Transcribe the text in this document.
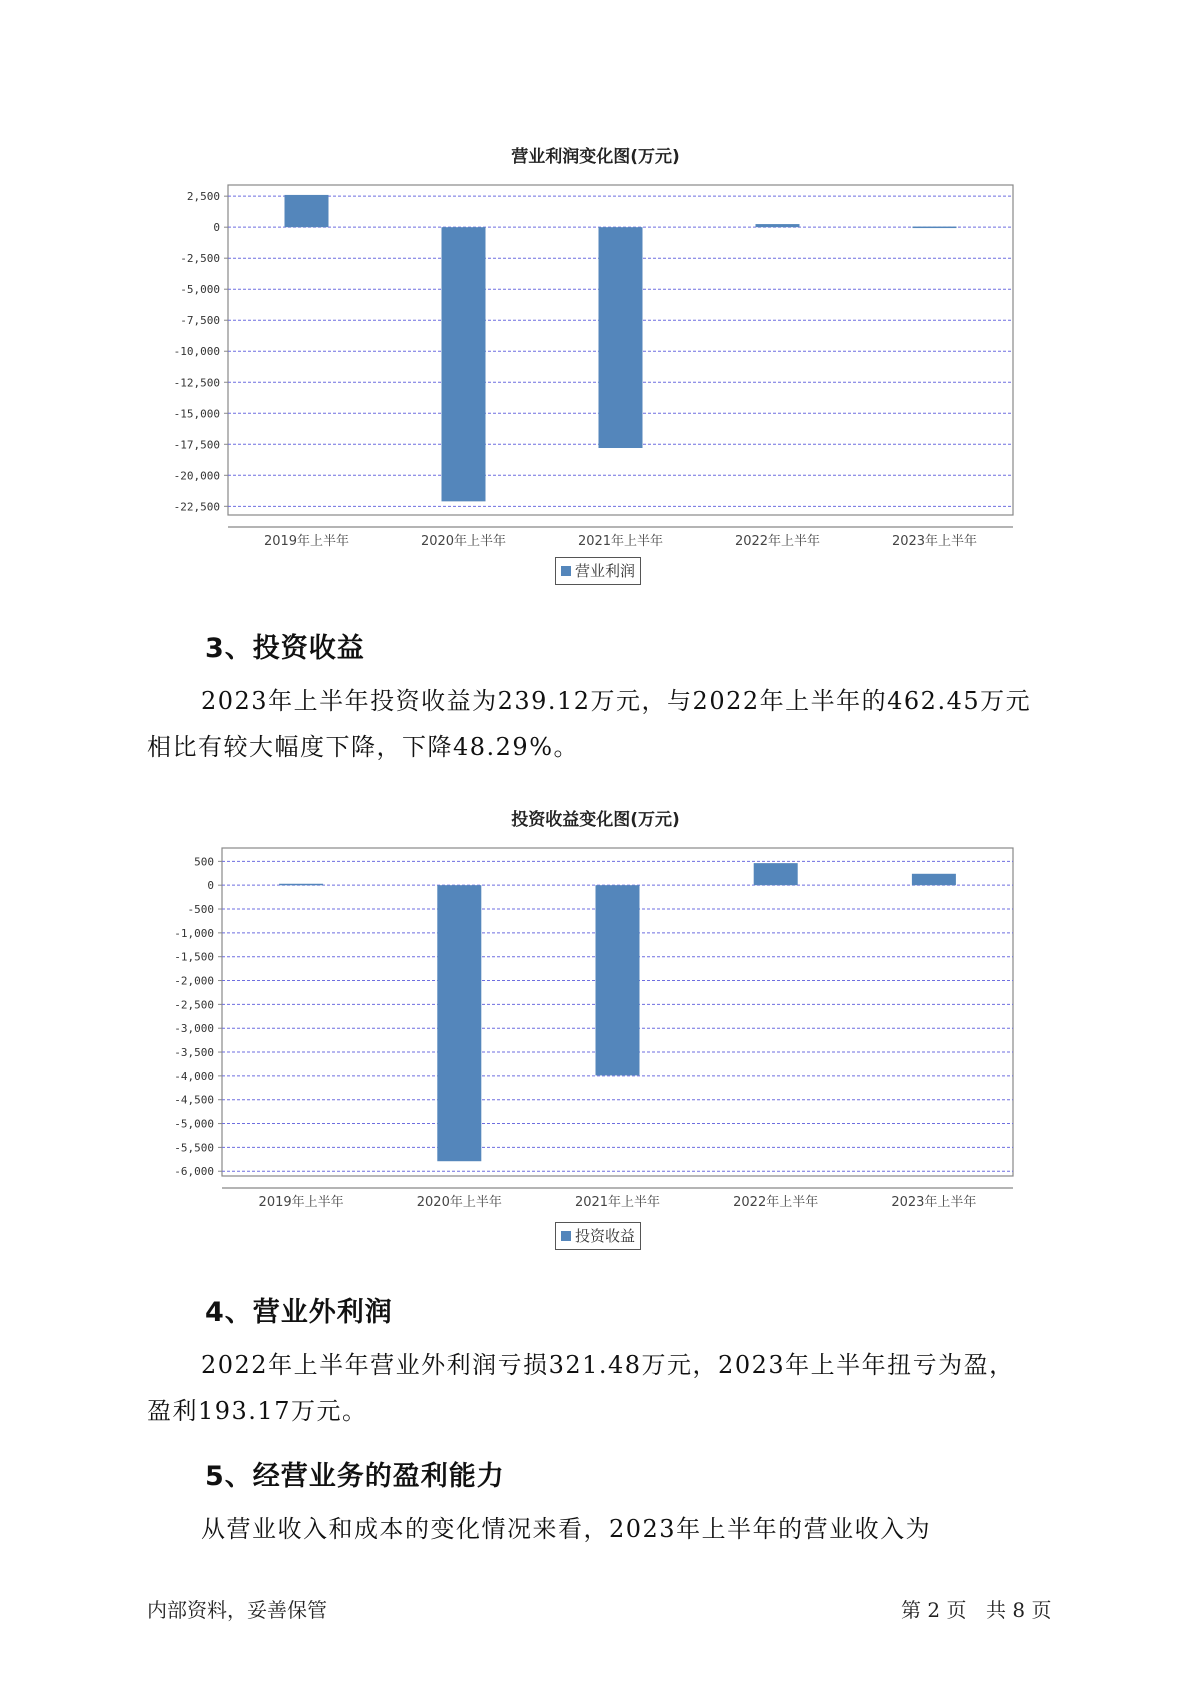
营业利润变化图(万元)
2,500
0
-2,500
-5,000
-7,500
-10,000
-12,500
-15,000
-17,500
-20,000
-22,500
2019年上半年	2020年上半年	2021年上半年	2022年上半年	2023年上半年
营业利润
3、投资收益
2023年上半年投资收益为239.12万元，与2022年上半年的462.45万元
相比有较大幅度下降，下降48.29%。
投资收益变化图(万元)
500
0
-500
-1,000
-1,500
-2,000
-2,500
-3,000
-3,500
-4,000
-4,500
-5,000
-5,500
-6,000
2019年上半年	2020年上半年	2021年上半年	2022年上半年	2023年上半年
投资收益
4、营业外利润
2022年上半年营业外利润亏损321.48万元，2023年上半年扭亏为盈，
盈利193.17万元。
5、经营业务的盈利能力
从营业收入和成本的变化情况来看，2023年上半年的营业收入为
内部资料，妥善保管	第 2 页 共 8 页
